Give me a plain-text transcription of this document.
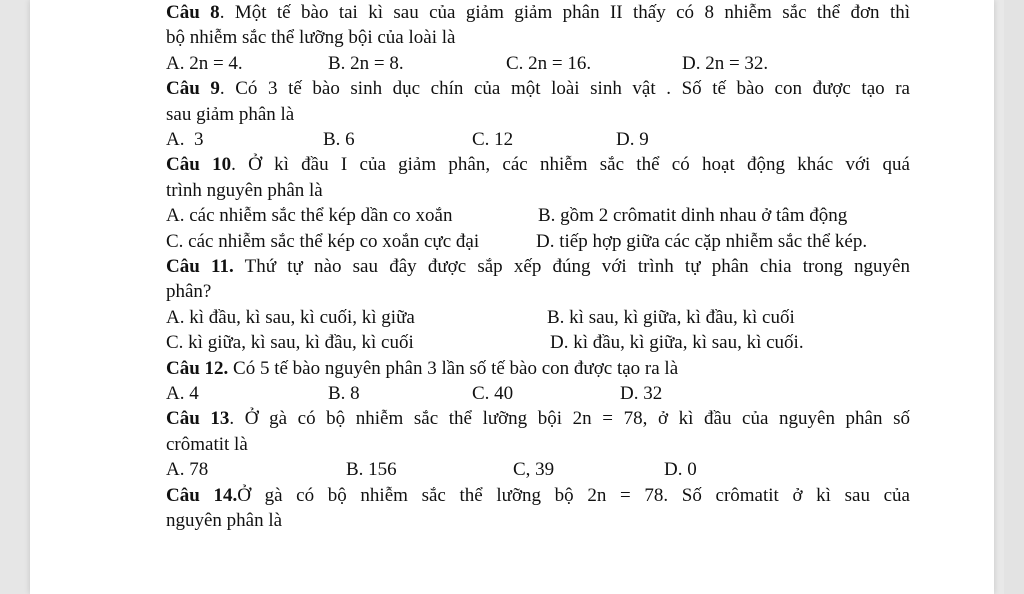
Câu 8. Một tế bào tai kì sau của giảm giảm phân II thấy có 8 nhiễm sắc thể đơn thì
bộ nhiễm sắc thể lưỡng bội của loài là
A. 2n = 4.	B. 2n = 8.	C. 2n = 16.	D. 2n = 32.
Câu 9. Có 3 tế bào sinh dục chín của một loài sinh vật . Số tế bào con được tạo ra
sau giảm phân là
A.  3	B. 6	C. 12	D. 9
Câu 10. Ở kì đầu I của giảm phân, các nhiễm sắc thể có hoạt động khác với quá
trình nguyên phân là
A. các nhiễm sắc thể kép dần co xoắn	B. gồm 2 crômatit dinh nhau ở tâm động
C. các nhiễm sắc thể kép co xoắn cực đại	D. tiếp hợp giữa các cặp nhiễm sắc thể kép.
Câu 11. Thứ tự nào sau đây được sắp xếp đúng với trình tự phân chia trong nguyên
phân?
A. kì đầu, kì sau, kì cuối, kì giữa	B. kì sau, kì giữa, kì đầu, kì cuối
C. kì giữa, kì sau, kì đầu, kì cuối	D. kì đầu, kì giữa, kì sau, kì cuối.
Câu 12. Có 5 tế bào nguyên phân 3 lần số tế bào con được tạo ra là
A. 4	B. 8	C. 40	D. 32
Câu 13. Ở gà có bộ nhiễm sắc thể lưỡng bội 2n = 78, ở kì đầu của nguyên phân số
crômatit là
A. 78	B. 156	C, 39	D. 0
Câu 14.Ở gà có bộ nhiễm sắc thể lưỡng bộ 2n = 78. Số crômatit ở kì sau của
nguyên phân là
